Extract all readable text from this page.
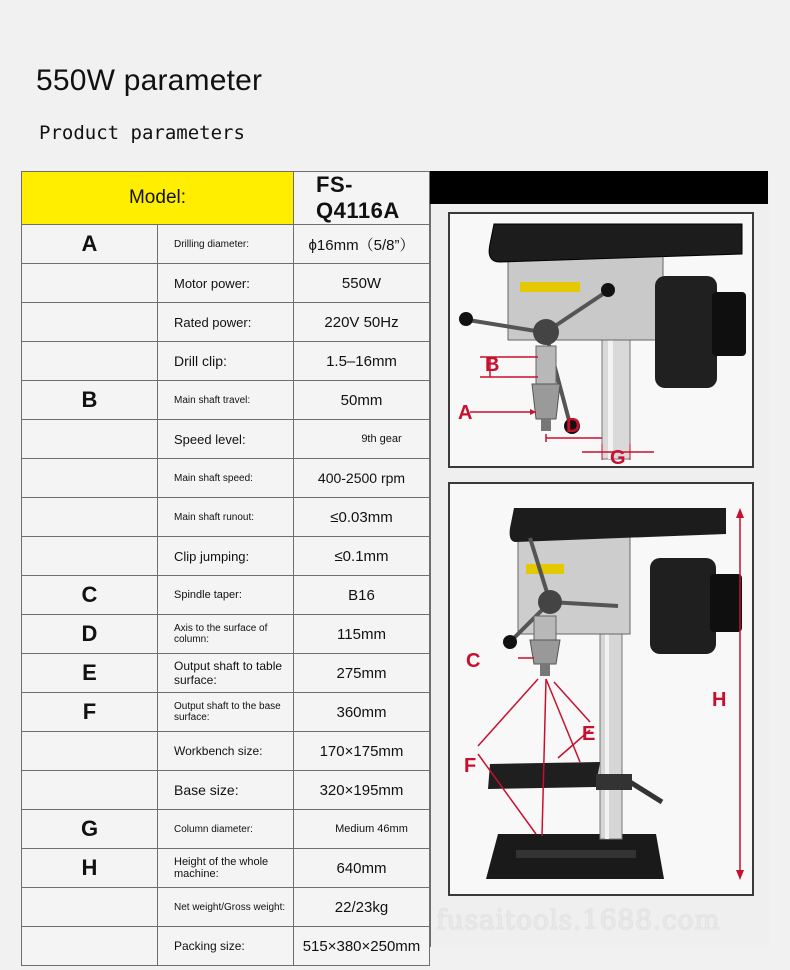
550W parameter
Product parameters
Model:		FS-Q4116A
A	Drilling diameter:	ϕ16mm（5/8”）
	Motor power:	550W
	Rated power:	220V 50Hz
	Drill clip:	1.5–16mm
B	Main shaft travel:	50mm
	Speed level:	9th gear
	Main shaft speed:	400-2500 rpm
	Main shaft runout:	≤0.03mm
	Clip jumping:	≤0.1mm
C	Spindle taper:	B16
D	Axis to the surface of column:	115mm
E	Output shaft to table surface:	275mm
F	Output shaft to the base surface:	360mm
	Workbench size:	170×175mm
	Base size:	320×195mm
G	Column diameter:	Medium 46mm
H	Height of the whole machine:	640mm
	Net weight/Gross weight:	22/23kg
	Packing size:	515×380×250mm
B
A
D
G
C
E
F
H
fusaitools.1688.com
